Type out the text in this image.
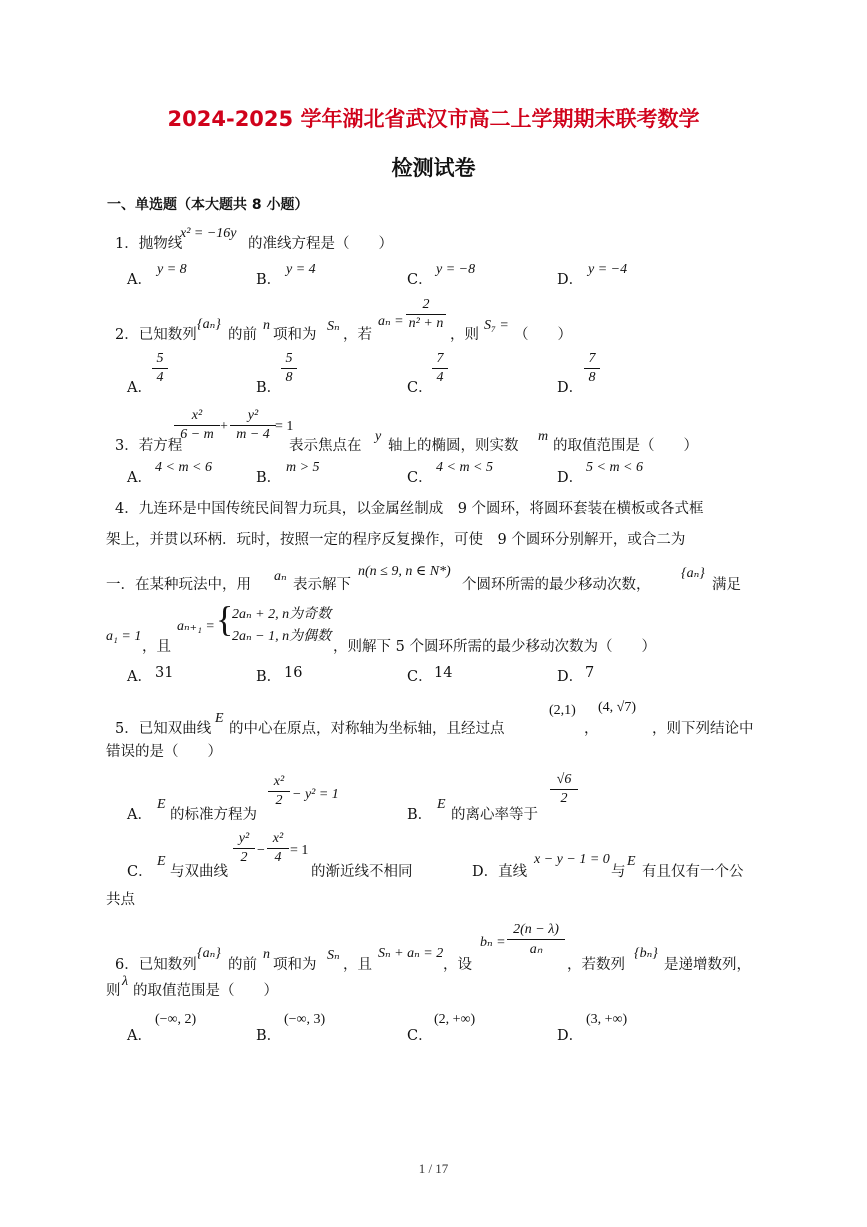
2024-2025 学年湖北省武汉市高二上学期期末联考数学
检测试卷
一、单选题（本大题共 8 小题）
1．抛物线
x² = −16y
的准线方程是（　　）
A．
y = 8
B．
y = 4
C．
y = −8
D．
y = −4
2．已知数列
{aₙ}
的前
n
项和为
Sₙ
，若
aₙ =
2
n² + n
，则
S₇ =
（　　）
A．
5
4
B．
5
8
C．
7
4
D．
7
8
3．若方程
x²
6 − m
+
y²
m − 4
= 1
表示焦点在
y
轴上的椭圆，则实数
m
的取值范围是（　　）
A．
4 < m < 6
B．
m > 5
C．
4 < m < 5
D．
5 < m < 6
4．九连环是中国传统民间智力玩具，以金属丝制成　9 个圆环，将圆环套装在横板或各式框
架上，并贯以环柄．玩时，按照一定的程序反复操作，可使　9 个圆环分别解开，或合二为
一．在某种玩法中，用
aₙ
表示解下
n(n ≤ 9, n ∈ N*)
个圆环所需的最少移动次数，
{aₙ}
满足
a₁ = 1
，且
aₙ₊₁ = {
2aₙ + 2, n为奇数
2aₙ − 1, n为偶数
，则解下 5 个圆环所需的最少移动次数为（　　）
A． 31	B． 16	C． 14	D． 7
5．已知双曲线
E
的中心在原点，对称轴为坐标轴，且经过点
(2,1)
，
(4, √7)
，则下列结论中
错误的是（　　）
A．
E
的标准方程为
x²
2 − y² = 1
B．
E
的离心率等于
√6
2
C．
E
与双曲线
y²
2 −
x²
4 = 1
的渐近线不相同	D．直线
x − y − 1 = 0
与
E
有且仅有一个公
共点
6．已知数列
{aₙ}
的前
n
项和为
Sₙ
，且
Sₙ + aₙ = 2
，设
bₙ =
2(n − λ)
aₙ
，若数列
{bₙ}
是递增数列，
则
λ
的取值范围是（　　）
A．
(−∞, 2)
B．
(−∞, 3)
C．
(2, +∞)
D．
(3, +∞)
1 / 17
